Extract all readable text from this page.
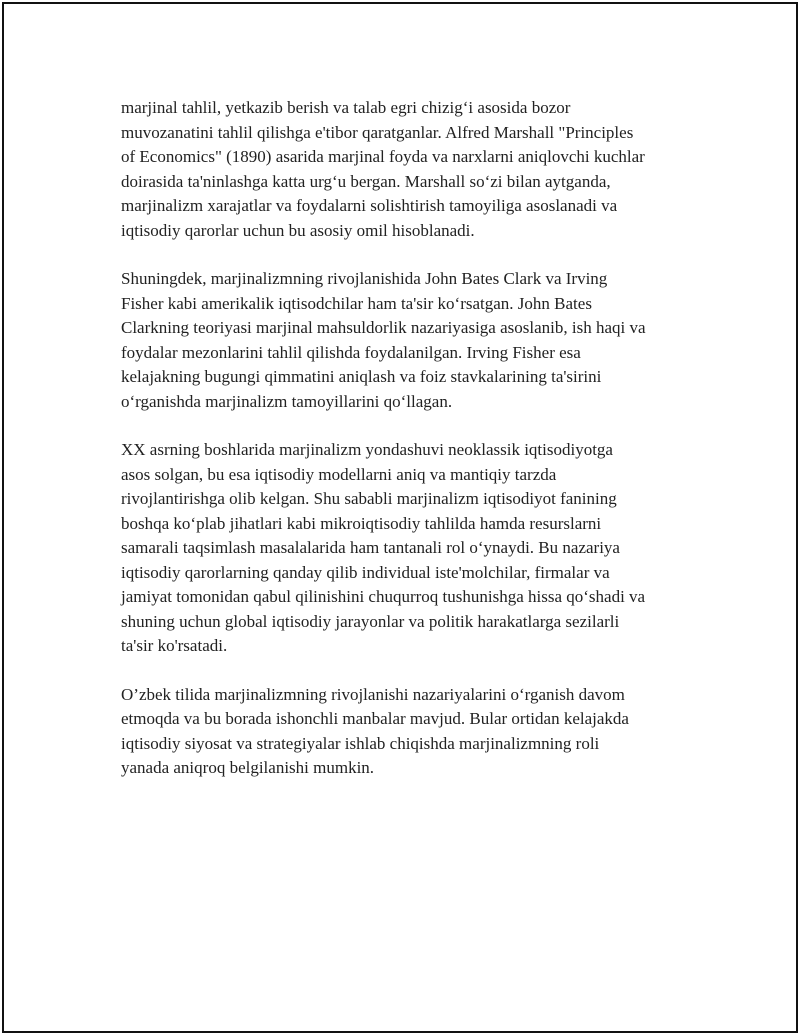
marjinal tahlil, yetkazib berish va talab egri chizig‘i asosida bozor
muvozanatini tahlil qilishga e'tibor qaratganlar. Alfred Marshall "Principles
of Economics" (1890) asarida marjinal foyda va narxlarni aniqlovchi kuchlar
doirasida ta'ninlashga katta urg‘u bergan. Marshall so‘zi bilan aytganda,
marjinalizm xarajatlar va foydalarni solishtirish tamoyiliga asoslanadi va
iqtisodiy qarorlar uchun bu asosiy omil hisoblanadi.

Shuningdek, marjinalizmning rivojlanishida John Bates Clark va Irving
Fisher kabi amerikalik iqtisodchilar ham ta'sir ko‘rsatgan. John Bates
Clarkning teoriyasi marjinal mahsuldorlik nazariyasiga asoslanib, ish haqi va
foydalar mezonlarini tahlil qilishda foydalanilgan. Irving Fisher esa
kelajakning bugungi qimmatini aniqlash va foiz stavkalarining ta'sirini
o‘rganishda marjinalizm tamoyillarini qo‘llagan.

XX asrning boshlarida marjinalizm yondashuvi neoklassik iqtisodiyotga
asos solgan, bu esa iqtisodiy modellarni aniq va mantiqiy tarzda
rivojlantirishga olib kelgan. Shu sababli marjinalizm iqtisodiyot fanining
boshqa ko‘plab jihatlari kabi mikroiqtisodiy tahlilda hamda resurslarni
samarali taqsimlash masalalarida ham tantanali rol o‘ynaydi. Bu nazariya
iqtisodiy qarorlarning qanday qilib individual iste'molchilar, firmalar va
jamiyat tomonidan qabul qilinishini chuqurroq tushunishga hissa qo‘shadi va
shuning uchun global iqtisodiy jarayonlar va politik harakatlarga sezilarli
ta'sir ko'rsatadi.

O’zbek tilida marjinalizmning rivojlanishi nazariyalarini o‘rganish davom
etmoqda va bu borada ishonchli manbalar mavjud. Bular ortidan kelajakda
iqtisodiy siyosat va strategiyalar ishlab chiqishda marjinalizmning roli
yanada aniqroq belgilanishi mumkin.
